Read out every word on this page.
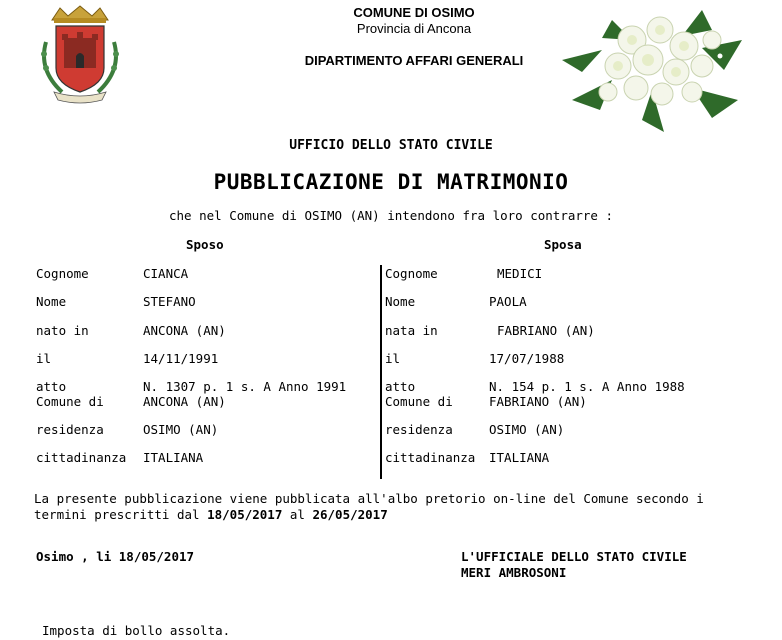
COMUNE DI OSIMO
Provincia di Ancona
DIPARTIMENTO AFFARI GENERALI
UFFICIO DELLO STATO CIVILE
PUBBLICAZIONE DI MATRIMONIO
che nel Comune di OSIMO (AN) intendono fra loro contrarre :
Sposo	Sposa
Cognome
Nome
nato in
il
atto
Comune di
residenza
cittadinanza
CIANCA
STEFANO
ANCONA (AN)
14/11/1991
N. 1307 p. 1 s. A Anno 1991
ANCONA (AN)
OSIMO (AN)
ITALIANA
Cognome
Nome
nata in
il
atto
Comune di
residenza
cittadinanza
MEDICI
PAOLA
FABRIANO (AN)
17/07/1988
N. 154 p. 1 s. A Anno 1988
FABRIANO (AN)
OSIMO (AN)
ITALIANA
La presente pubblicazione viene pubblicata all'albo pretorio on-line del Comune secondo i
termini prescritti dal 18/05/2017 al 26/05/2017
Osimo , li 18/05/2017	L'UFFICIALE DELLO STATO CIVILE
MERI AMBROSONI
Imposta di bollo assolta.
